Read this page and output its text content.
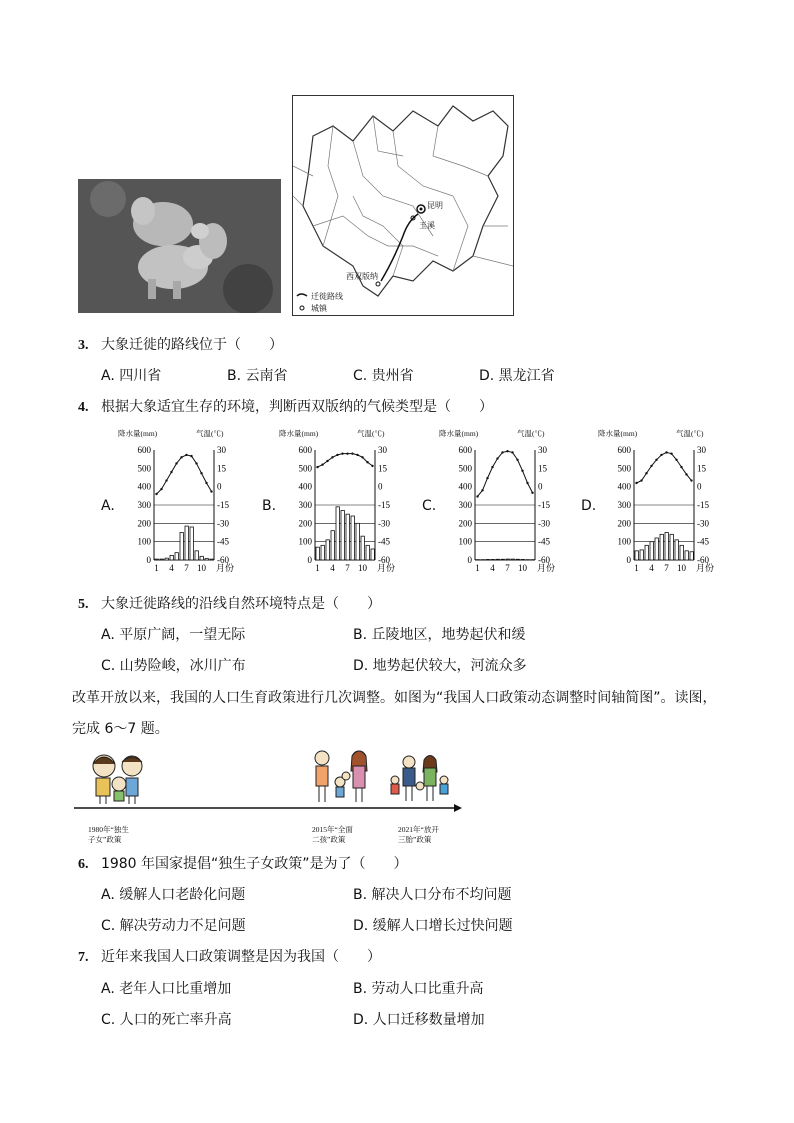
昆明
玉溪
西双版纳
迁徙路线
城镇
3. 大象迁徙的路线位于（　　）
A. 四川省	B. 云南省	C. 贵州省	D. 黑龙江省
4. 根据大象适宜生存的环境，判断西双版纳的气候类型是（　　）
A.
降水量(mm)	气温(℃)
600	30
500	15
400	0
300	-15
200	-30
100	-45
0	-60
1 4 7 10 月份
B.
降水量(mm)	气温(℃)
600	30
500	15
400	0
300	-15
200	-30
100	-45
0	-60
1 4 7 10 月份
C.
降水量(mm)	气温(℃)
600	30
500	15
400	0
300	-15
200	-30
100	-45
0	-60
1 4 7 10 月份
D.
降水量(mm)	气温(℃)
600	30
500	15
400	0
300	-15
200	-30
100	-45
0	-60
1 4 7 10 月份
5. 大象迁徙路线的沿线自然环境特点是（　　）
A. 平原广阔，一望无际	B. 丘陵地区，地势起伏和缓
C. 山势险峻，冰川广布	D. 地势起伏较大，河流众多
改革开放以来，我国的人口生育政策进行几次调整。如图为“我国人口政策动态调整时间轴简图”。读图，
完成 6～7 题。
1980年“独生
子女”政策
2015年“全面
二孩”政策
2021年“放开
三胎”政策
6. 1980 年国家提倡“独生子女政策”是为了（　　）
A. 缓解人口老龄化问题	B. 解决人口分布不均问题
C. 解决劳动力不足问题	D. 缓解人口增长过快问题
7. 近年来我国人口政策调整是因为我国（　　）
A. 老年人口比重增加	B. 劳动人口比重升高
C. 人口的死亡率升高	D. 人口迁移数量增加
